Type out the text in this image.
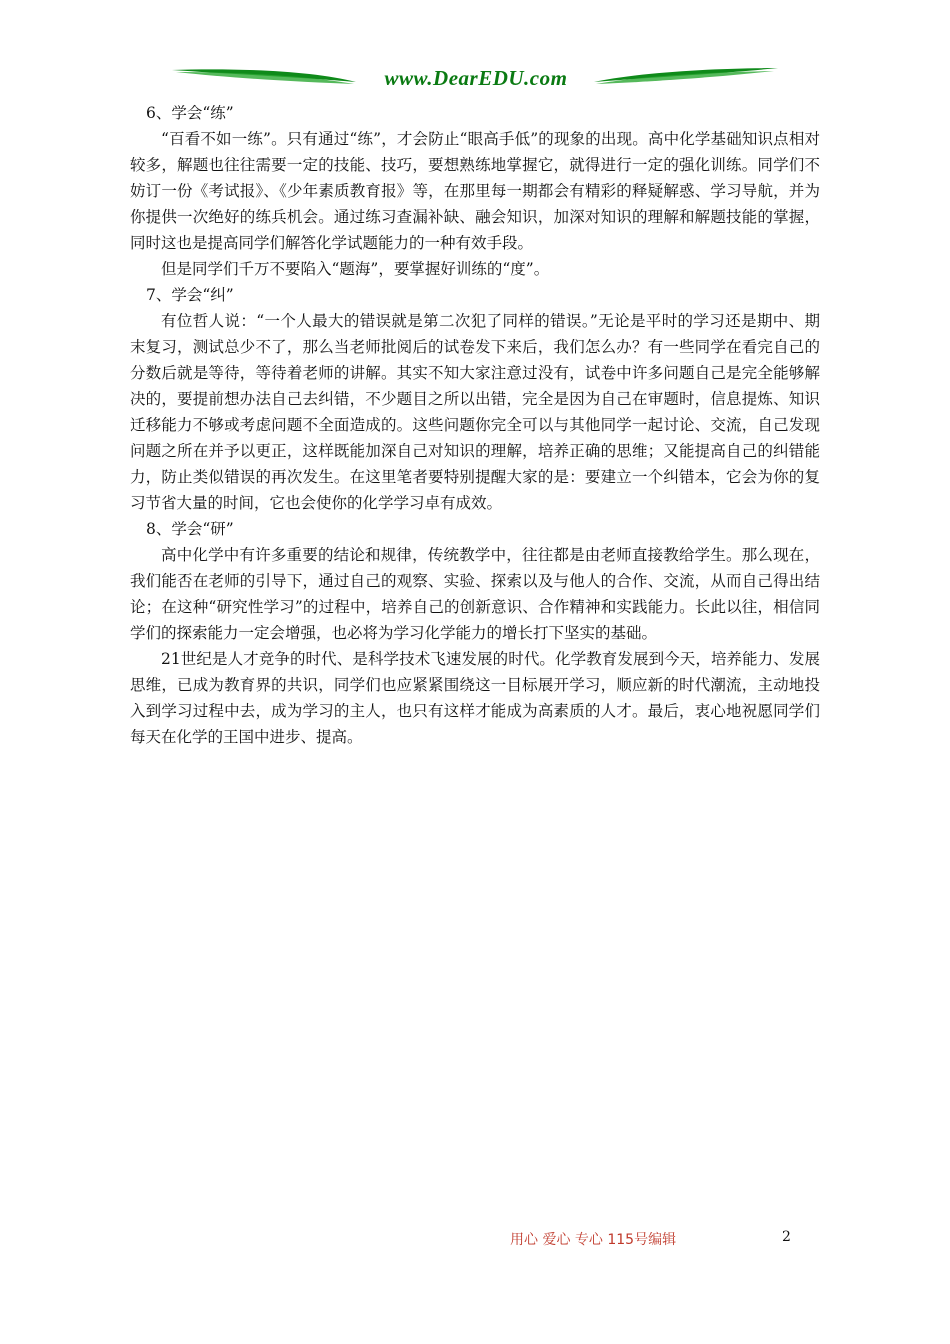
www.DearEDU.com

6、学会“练”

“百看不如一练”。只有通过“练”，才会防止“眼高手低”的现象的出现。高中化学基础知识点相对较多，解题也往往需要一定的技能、技巧，要想熟练地掌握它，就得进行一定的强化训练。同学们不妨订一份《考试报》、《少年素质教育报》等，在那里每一期都会有精彩的释疑解惑、学习导航，并为你提供一次绝好的练兵机会。通过练习查漏补缺、融会知识，加深对知识的理解和解题技能的掌握，同时这也是提高同学们解答化学试题能力的一种有效手段。

但是同学们千万不要陷入“题海”，要掌握好训练的“度”。

7、学会“纠”

有位哲人说：“一个人最大的错误就是第二次犯了同样的错误。”无论是平时的学习还是期中、期末复习，测试总少不了，那么当老师批阅后的试卷发下来后，我们怎么办？有一些同学在看完自己的分数后就是等待，等待着老师的讲解。其实不知大家注意过没有，试卷中许多问题自己是完全能够解决的，要提前想办法自己去纠错，不少题目之所以出错，完全是因为自己在审题时，信息提炼、知识迁移能力不够或考虑问题不全面造成的。这些问题你完全可以与其他同学一起讨论、交流，自己发现问题之所在并予以更正，这样既能加深自己对知识的理解，培养正确的思维；又能提高自己的纠错能力，防止类似错误的再次发生。在这里笔者要特别提醒大家的是：要建立一个纠错本，它会为你的复习节省大量的时间，它也会使你的化学学习卓有成效。

8、学会“研”

高中化学中有许多重要的结论和规律，传统教学中，往往都是由老师直接教给学生。那么现在，我们能否在老师的引导下，通过自己的观察、实验、探索以及与他人的合作、交流，从而自己得出结论；在这种“研究性学习”的过程中，培养自己的创新意识、合作精神和实践能力。长此以往，相信同学们的探索能力一定会增强，也必将为学习化学能力的增长打下坚实的基础。

21世纪是人才竞争的时代、是科学技术飞速发展的时代。化学教育发展到今天，培养能力、发展思维，已成为教育界的共识，同学们也应紧紧围绕这一目标展开学习，顺应新的时代潮流，主动地投入到学习过程中去，成为学习的主人，也只有这样才能成为高素质的人才。最后，衷心地祝愿同学们每天在化学的王国中进步、提高。

用心 爱心 专心 115号编辑	2
